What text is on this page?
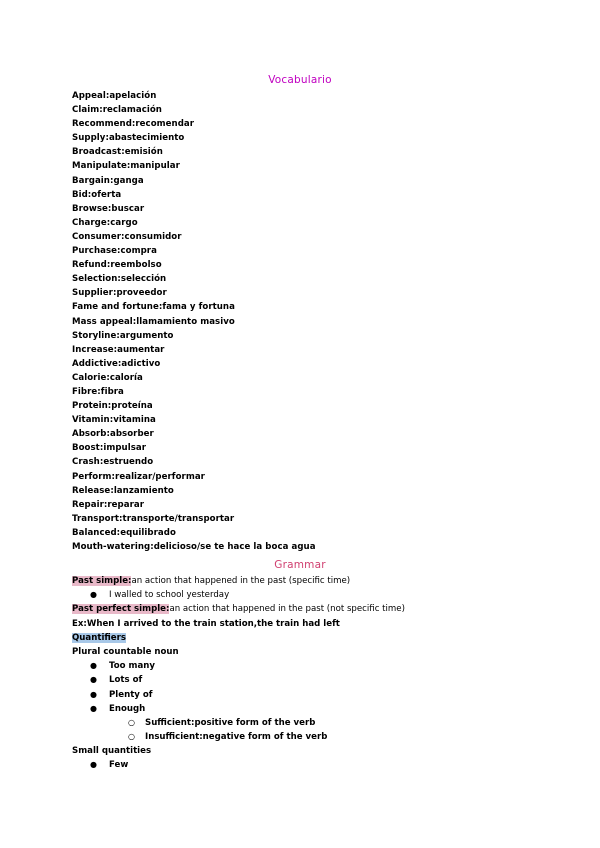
Vocabulario
Appeal:apelación
Claim:reclamación
Recommend:recomendar
Supply:abastecimiento
Broadcast:emisión
Manipulate:manipular
Bargain:ganga
Bid:oferta
Browse:buscar
Charge:cargo
Consumer:consumidor
Purchase:compra
Refund:reembolso
Selection:selección
Supplier:proveedor
Fame and fortune:fama y fortuna
Mass appeal:llamamiento masivo
Storyline:argumento
Increase:aumentar
Addictive:adictivo
Calorie:caloría
Fibre:fibra
Protein:proteína
Vitamin:vitamina
Absorb:absorber
Boost:impulsar
Crash:estruendo
Perform:realizar/performar
Release:lanzamiento
Repair:reparar
Transport:transporte/transportar
Balanced:equilibrado
Mouth-watering:delicioso/se te hace la boca agua
Grammar
Past simple:an action that happened in the past (specific time)
● I walled to school yesterday
Past perfect simple:an action that happened in the past (not specific time)
Ex:When I arrived to the train station,the train had left
Quantifiers
Plural countable noun
● Too many
● Lots of
● Plenty of
● Enough
○ Sufficient:positive form of the verb
○ Insufficient:negative form of the verb
Small quantities
● Few
